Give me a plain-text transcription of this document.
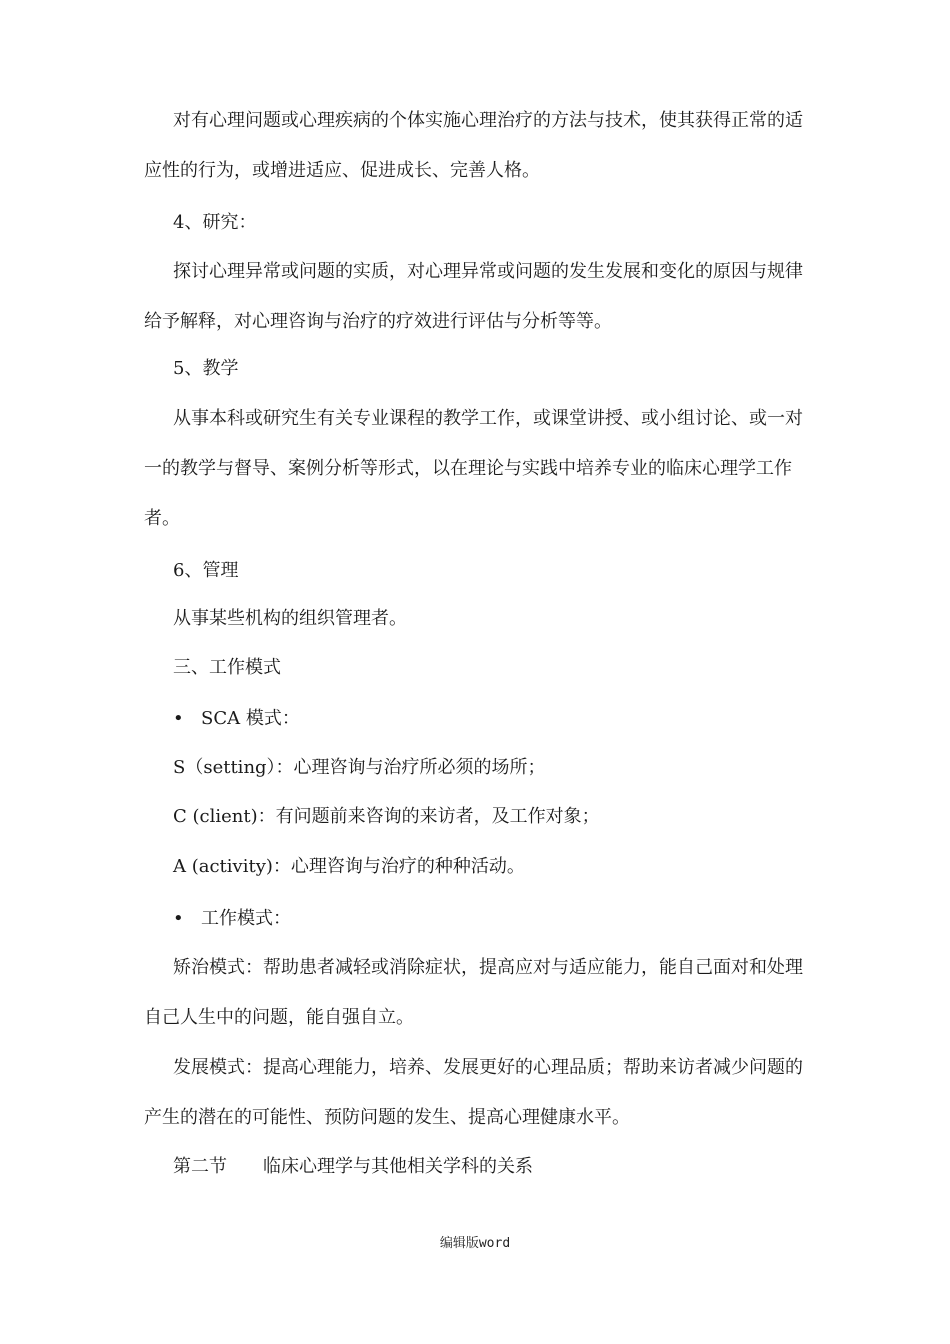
对有心理问题或心理疾病的个体实施心理治疗的方法与技术，使其获得正常的适应性的行为，或增进适应、促进成长、完善人格。

4、研究：

探讨心理异常或问题的实质，对心理异常或问题的发生发展和变化的原因与规律给予解释，对心理咨询与治疗的疗效进行评估与分析等等。

5、教学

从事本科或研究生有关专业课程的教学工作，或课堂讲授、或小组讨论、或一对一的教学与督导、案例分析等形式，以在理论与实践中培养专业的临床心理学工作者。

6、管理

从事某些机构的组织管理者。

三、工作模式

• SCA 模式：

S（setting）：心理咨询与治疗所必须的场所；

C (client)：有问题前来咨询的来访者，及工作对象；

A (activity)：心理咨询与治疗的种种活动。

• 工作模式：

矫治模式：帮助患者减轻或消除症状，提高应对与适应能力，能自己面对和处理自己人生中的问题，能自强自立。

发展模式：提高心理能力，培养、发展更好的心理品质；帮助来访者减少问题的产生的潜在的可能性、预防问题的发生、提高心理健康水平。

第二节　　临床心理学与其他相关学科的关系

编辑版word
